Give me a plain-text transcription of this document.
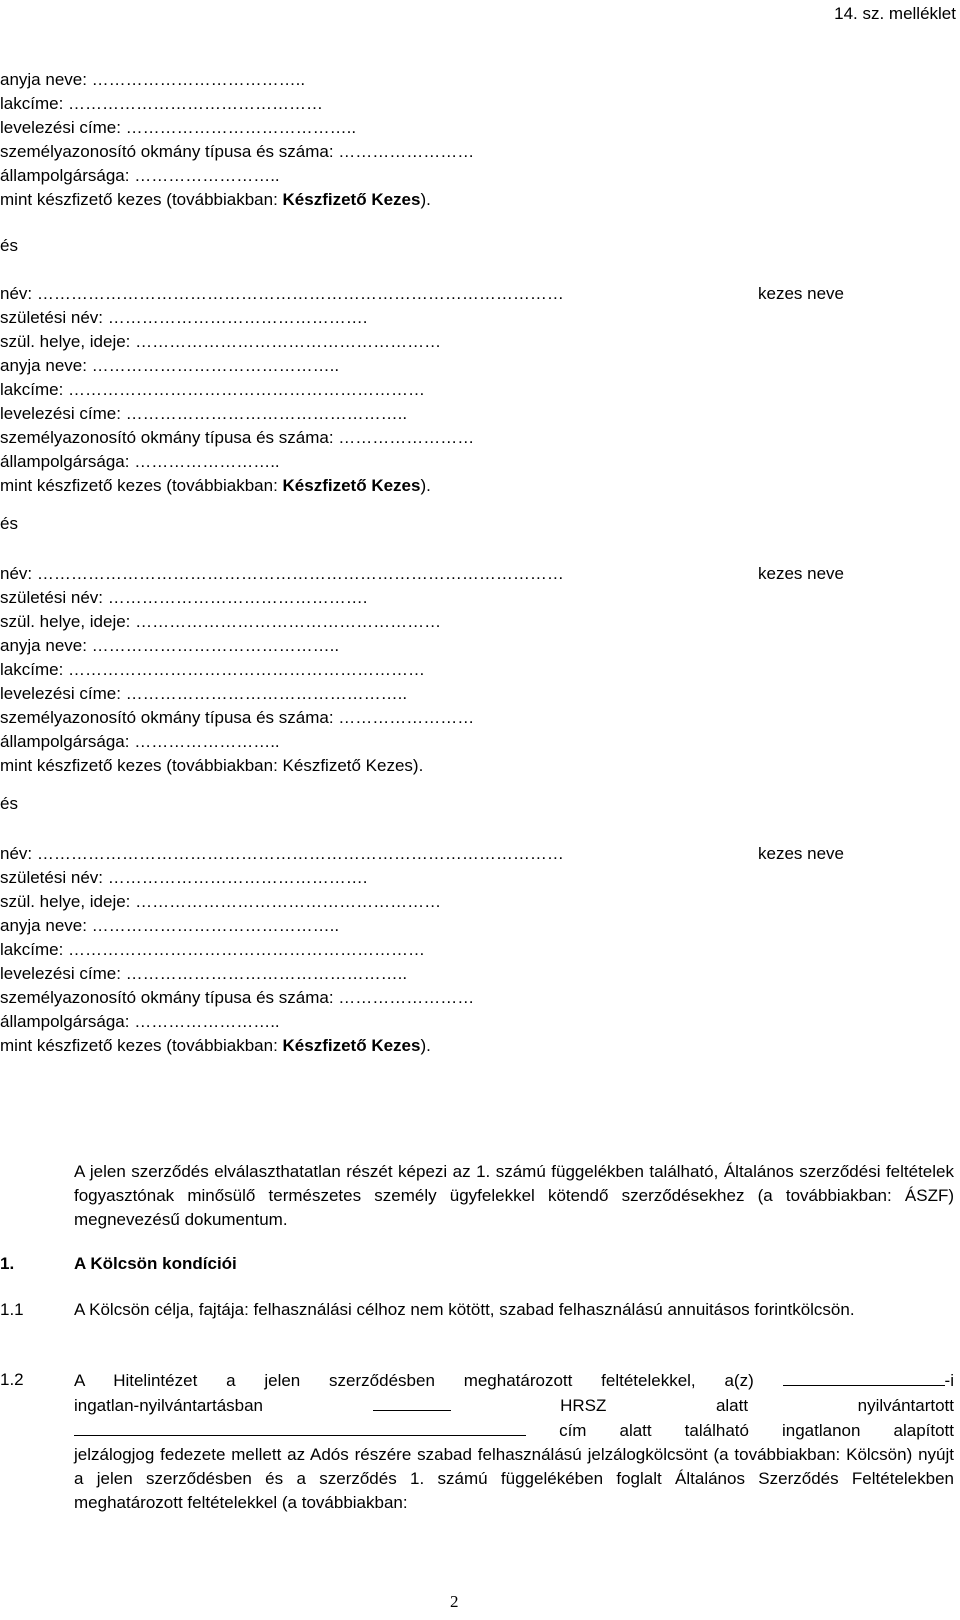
14. sz. melléklet
anyja neve: ………………………………..
lakcíme: ………………………………………
levelezési címe: …………………………………..
személyazonosító okmány típusa és száma: ……………………
állampolgársága: ……………………..
mint készfizető kezes (továbbiakban: Készfizető Kezes).
és
név: …………………………………………………………………………………	kezes neve
születési név: ……………………………………….
szül. helye, ideje: ………………………………………………
anyja neve: ……………………………………..
lakcíme: ………………………………………………………
levelezési címe: …………………………………………..
személyazonosító okmány típusa és száma: ……………………
állampolgársága: ……………………..
mint készfizető kezes (továbbiakban: Készfizető Kezes).
és
név: …………………………………………………………………………………	kezes neve
születési név: ……………………………………….
szül. helye, ideje: ………………………………………………
anyja neve: ……………………………………..
lakcíme: ………………………………………………………
levelezési címe: …………………………………………..
személyazonosító okmány típusa és száma: ……………………
állampolgársága: ……………………..
mint készfizető kezes (továbbiakban: Készfizető Kezes).
és
név: …………………………………………………………………………………	kezes neve
születési név: ……………………………………….
szül. helye, ideje: ………………………………………………
anyja neve: ……………………………………..
lakcíme: ………………………………………………………
levelezési címe: …………………………………………..
személyazonosító okmány típusa és száma: ……………………
állampolgársága: ……………………..
mint készfizető kezes (továbbiakban: Készfizető Kezes).
A jelen szerződés elválaszthatatlan részét képezi az 1. számú függelékben található, Általános szerződési feltételek fogyasztónak minősülő természetes személy ügyfelekkel kötendő szerződésekhez (a továbbiakban: ÁSZF) megnevezésű dokumentum.
1.	A Kölcsön kondíciói
1.1	A Kölcsön célja, fajtája: felhasználási célhoz nem kötött, szabad felhasználású annuitásos forintkölcsön.
1.2	A Hitelintézet a jelen szerződésben meghatározott feltételekkel, a(z)	-i
ingatlan-nyilvántartásban	HRSZ	alatt	nyilvántartott
cím alatt található ingatlanon alapított
jelzálogjog fedezete mellett az Adós részére szabad felhasználású jelzálogkölcsönt (a továbbiakban: Kölcsön) nyújt a jelen szerződésben és a szerződés 1. számú függelékében foglalt Általános Szerződés Feltételekben meghatározott feltételekkel (a továbbiakban:
2
